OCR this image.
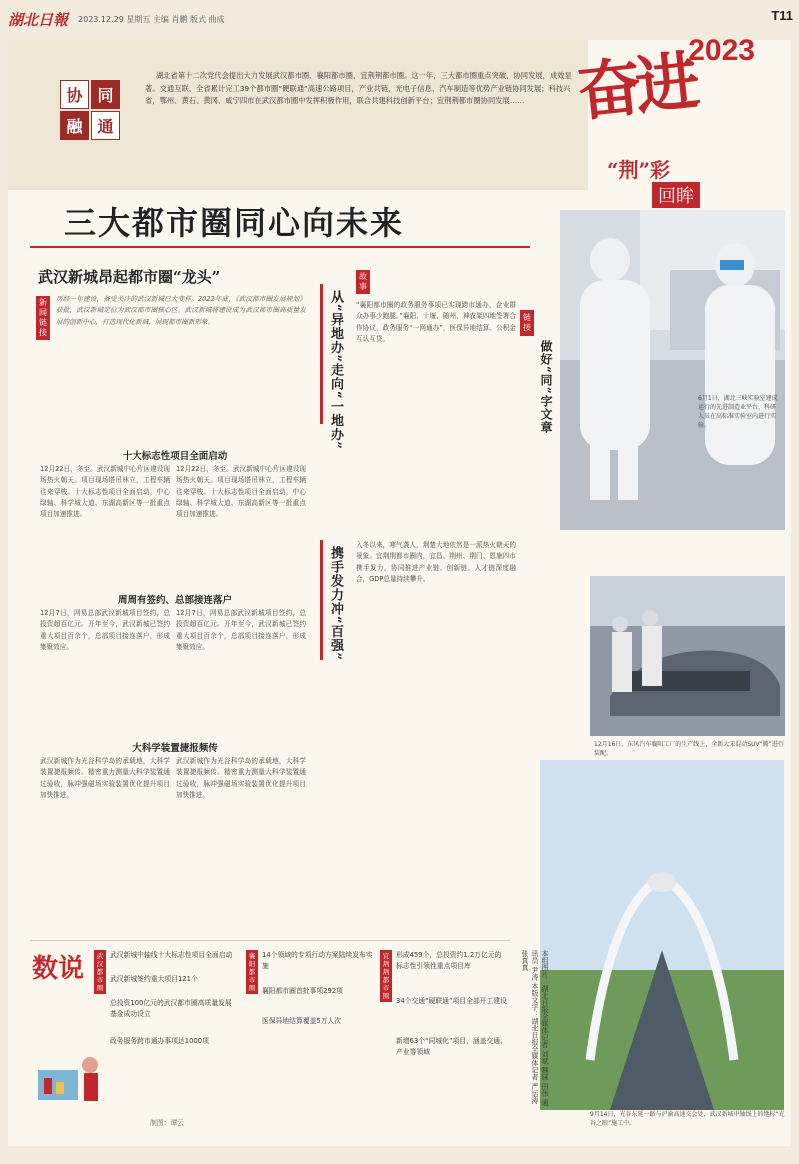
湖北日報 2023.12.29 星期五 主编 肖鹏 版式 曲成	T11
协 同
融 通
湖北省第十二次党代会提出大力发展武汉都市圈、襄阳都市圈、宜荆荆都市圈。这一年，三大都市圈重点突破，协同发展，成效显著。交通互联、全省累计完工39个都市圈“硬联通”高速公路项目，产业共链，光电子信息、汽车制造等优势产业链协同发展；科技兴省，鄂州、黄石、黄冈、咸宁四市在武汉都市圈中发挥积极作用，联合共建科技创新平台；宜荆荆都市圈协同发展…… 奋进
2023
“荆”彩
回眸
三大都市圈同心向未来
武汉新城昂起都市圈“龙头”
新闻链接
历经一年建设，备受关注的武汉新城已大变样。2022年底，《武汉都市圈发展规划》获批，武汉新城定位为武汉都市圈核心区。武汉新城将建设成为武汉都市圈高质量发展的创新中心，打造现代化新城，展现都市圈新形象。
十大标志性项目全面启动
12月22日，冬至。武汉新城中心片区建设现场热火朝天。项目现场塔吊林立，工程车辆往来穿梭。十大标志性项目全面启动，中心绿轴、科学城大道、东湖高新区等一批重点项目加速推进。
12月22日，冬至。武汉新城中心片区建设现场热火朝天。项目现场塔吊林立，工程车辆往来穿梭。十大标志性项目全面启动，中心绿轴、科学城大道、东湖高新区等一批重点项目加速推进。
周周有签约、总部接连落户
12月7日，网易总部武汉新城项目签约，总投资超百亿元。开年至今，武汉新城已签约重大项目百余个，总部项目接连落户，形成集聚效应。
12月7日，网易总部武汉新城项目签约，总投资超百亿元。开年至今，武汉新城已签约重大项目百余个，总部项目接连落户，形成集聚效应。
大科学装置捷报频传
武汉新城作为光谷科学岛的承载地，大科学装置捷报频传。精密重力测量大科学装置通过验收，脉冲强磁场实验装置优化提升项目加快推进。
武汉新城作为光谷科学岛的承载地，大科学装置捷报频传。精密重力测量大科学装置通过验收，脉冲强磁场实验装置优化提升项目加快推进。
从“异地办”走向“一地办”
故事
“襄阳都市圈的政务服务事项已实现跨市通办，企业群众办事少跑腿。”襄阳、十堰、随州、神农架四地签署合作协议，政务服务“一网通办”，医保异地结算、公积金互认互贷。
携手发力冲“百强”
入冬以来，寒气袭人，荆楚大地依然是一派热火朝天的景象。宜荆荆都市圈内，宜昌、荆州、荆门、恩施四市携手发力，协同推进产业链、创新链、人才链深度融合，GDP总量持续攀升。
链接
做好“同”字文章	6月1日，湖北三峡实验室建成运行的先进制造业平台，科研人员在高标准实验室内进行实验。
12月16日，东风汽车襄阳工厂的生产线上，全新大宋混动SUV“腾”进行装配。
9月14日，光谷东延一路与沪渝高速交会处，武汉新城中轴线上的地标“光谷之眼”施工中。
本组图片：湖北日报全媒体记者 刘斌 魏铼 田伟 通讯员 尹涛 本版文字：湖北日报全媒体记者 严运涛 张真真
数说	武汉都市圈
襄阳都市圈
宜荆荆都市圈
武汉新城中轴线十大标志性项目全面启动
武汉新城签约重大项目121个
总投资100亿元的武汉都市圈高质量发展基金成功设立
政务服务跨市通办事项达1000项
14个领域的专项行动方案陆续发布实施
襄阳都市圈首批事项292项
医保异地结算覆盖5万人次
形成459个，总投资约1.2万亿元的标志性引领性重点项目库
34个交通“硬联通”项目全部开工建设
新增63个“同城化”项目，涵盖交通、产业等领域
制图：谭云
